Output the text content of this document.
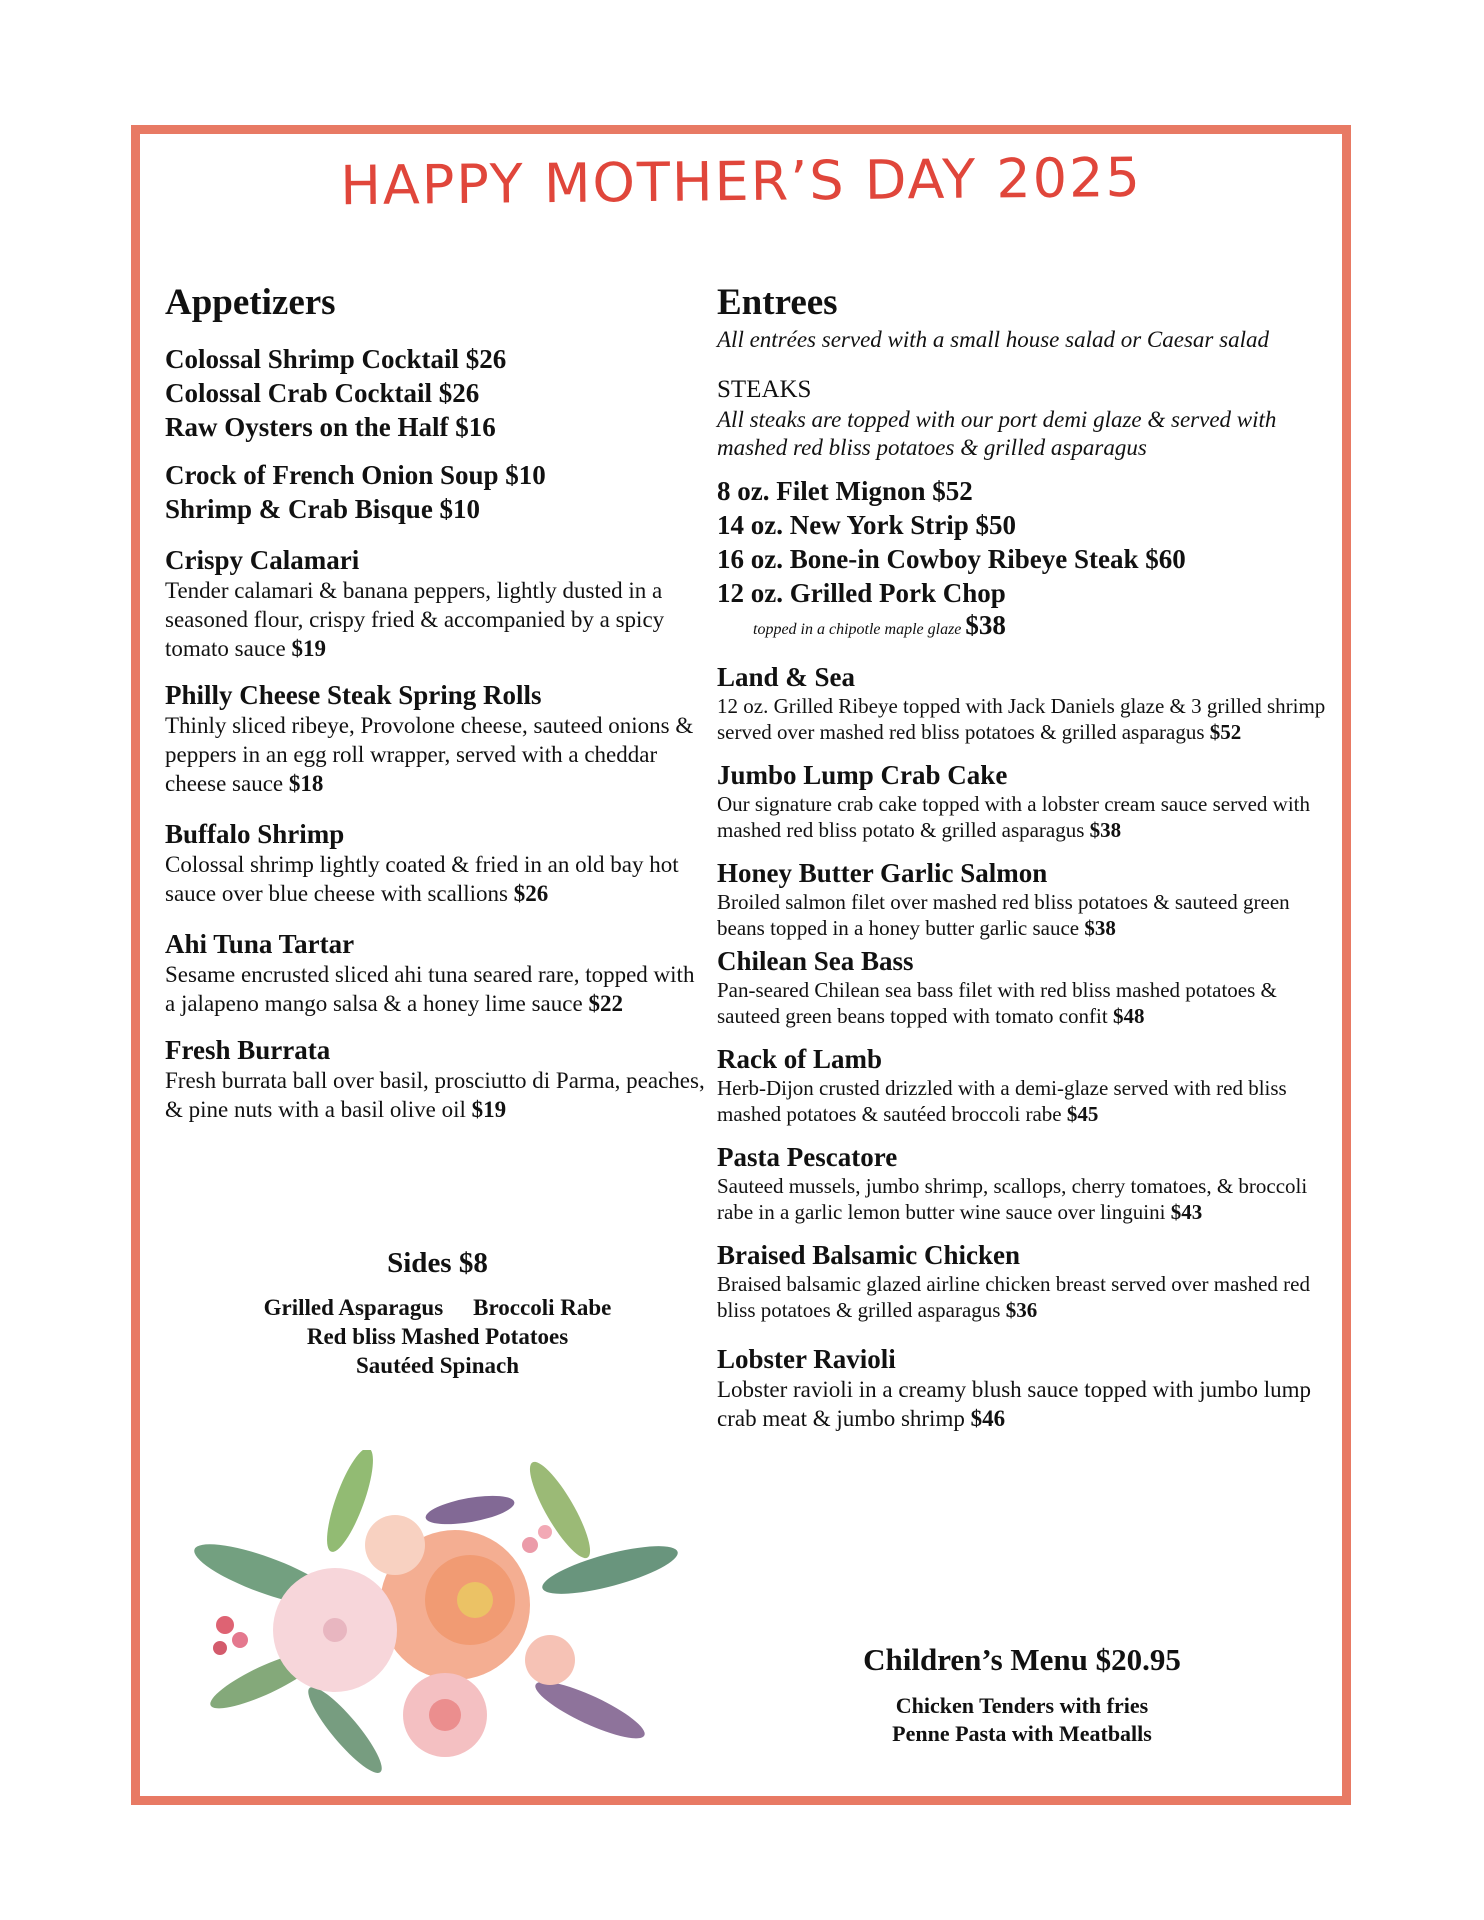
HAPPY MOTHER’S DAY 2025
Appetizers
Colossal Shrimp Cocktail $26
Colossal Crab Cocktail $26
Raw Oysters on the Half $16
Crock of French Onion Soup $10
Shrimp & Crab Bisque $10
Crispy Calamari
Tender calamari & banana peppers, lightly dusted in a seasoned flour, crispy fried & accompanied by a spicy tomato sauce $19
Philly Cheese Steak Spring Rolls
Thinly sliced ribeye, Provolone cheese, sauteed onions & peppers in an egg roll wrapper, served with a cheddar cheese sauce $18
Buffalo Shrimp
Colossal shrimp lightly coated & fried in an old bay hot sauce over blue cheese with scallions $26
Ahi Tuna Tartar
Sesame encrusted sliced ahi tuna seared rare, topped with a jalapeno mango salsa & a honey lime sauce $22
Fresh Burrata
Fresh burrata ball over basil, prosciutto di Parma, peaches, & pine nuts with a basil olive oil $19
Sides $8
Grilled Asparagus Broccoli Rabe
Red bliss Mashed Potatoes
Sautéed Spinach
Entrees
All entrées served with a small house salad or Caesar salad
STEAKS
All steaks are topped with our port demi glaze & served with mashed red bliss potatoes & grilled asparagus
8 oz. Filet Mignon $52
14 oz. New York Strip $50
16 oz. Bone-in Cowboy Ribeye Steak $60
12 oz. Grilled Pork Chop
topped in a chipotle maple glaze $38
Land & Sea
12 oz. Grilled Ribeye topped with Jack Daniels glaze & 3 grilled shrimp served over mashed red bliss potatoes & grilled asparagus $52
Jumbo Lump Crab Cake
Our signature crab cake topped with a lobster cream sauce served with mashed red bliss potato & grilled asparagus $38
Honey Butter Garlic Salmon
Broiled salmon filet over mashed red bliss potatoes & sauteed green beans topped in a honey butter garlic sauce $38
Chilean Sea Bass
Pan-seared Chilean sea bass filet with red bliss mashed potatoes & sauteed green beans topped with tomato confit $48
Rack of Lamb
Herb-Dijon crusted drizzled with a demi-glaze served with red bliss mashed potatoes & sautéed broccoli rabe $45
Pasta Pescatore
Sauteed mussels, jumbo shrimp, scallops, cherry tomatoes, & broccoli rabe in a garlic lemon butter wine sauce over linguini $43
Braised Balsamic Chicken
Braised balsamic glazed airline chicken breast served over mashed red bliss potatoes & grilled asparagus $36
Lobster Ravioli
Lobster ravioli in a creamy blush sauce topped with jumbo lump crab meat & jumbo shrimp $46
Children’s Menu $20.95
Chicken Tenders with fries
Penne Pasta with Meatballs
